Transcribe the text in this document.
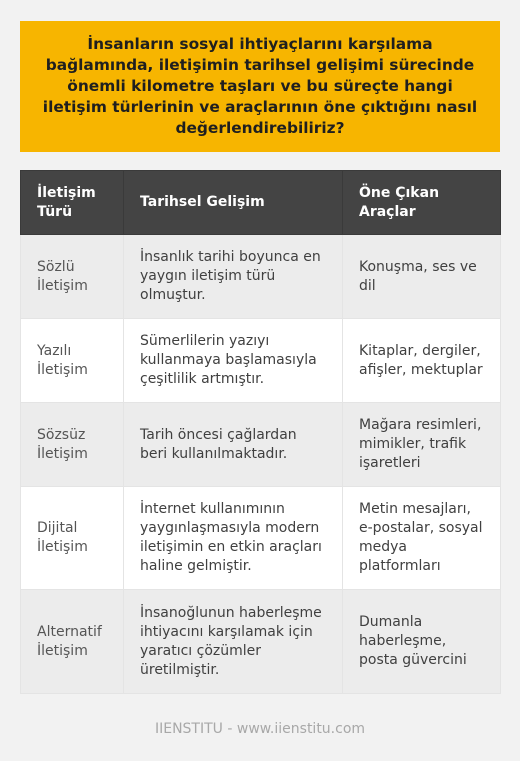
İnsanların sosyal ihtiyaçlarını karşılama bağlamında, iletişimin tarihsel gelişimi sürecinde önemli kilometre taşları ve bu süreçte hangi iletişim türlerinin ve araçlarının öne çıktığını nasıl değerlendirebiliriz?

İletişim Türü	Tarihsel Gelişim	Öne Çıkan Araçlar
Sözlü İletişim	İnsanlık tarihi boyunca en yaygın iletişim türü olmuştur.	Konuşma, ses ve dil
Yazılı İletişim	Sümerlilerin yazıyı kullanmaya başlamasıyla çeşitlilik artmıştır.	Kitaplar, dergiler, afişler, mektuplar
Sözsüz İletişim	Tarih öncesi çağlardan beri kullanılmaktadır.	Mağara resimleri, mimikler, trafik işaretleri
Dijital İletişim	İnternet kullanımının yaygınlaşmasıyla modern iletişimin en etkin araçları haline gelmiştir.	Metin mesajları, e-postalar, sosyal medya platformları
Alternatif İletişim	İnsanoğlunun haberleşme ihtiyacını karşılamak için yaratıcı çözümler üretilmiştir.	Dumanla haberleşme, posta güvercini
IIENSTITU - www.iienstitu.com
